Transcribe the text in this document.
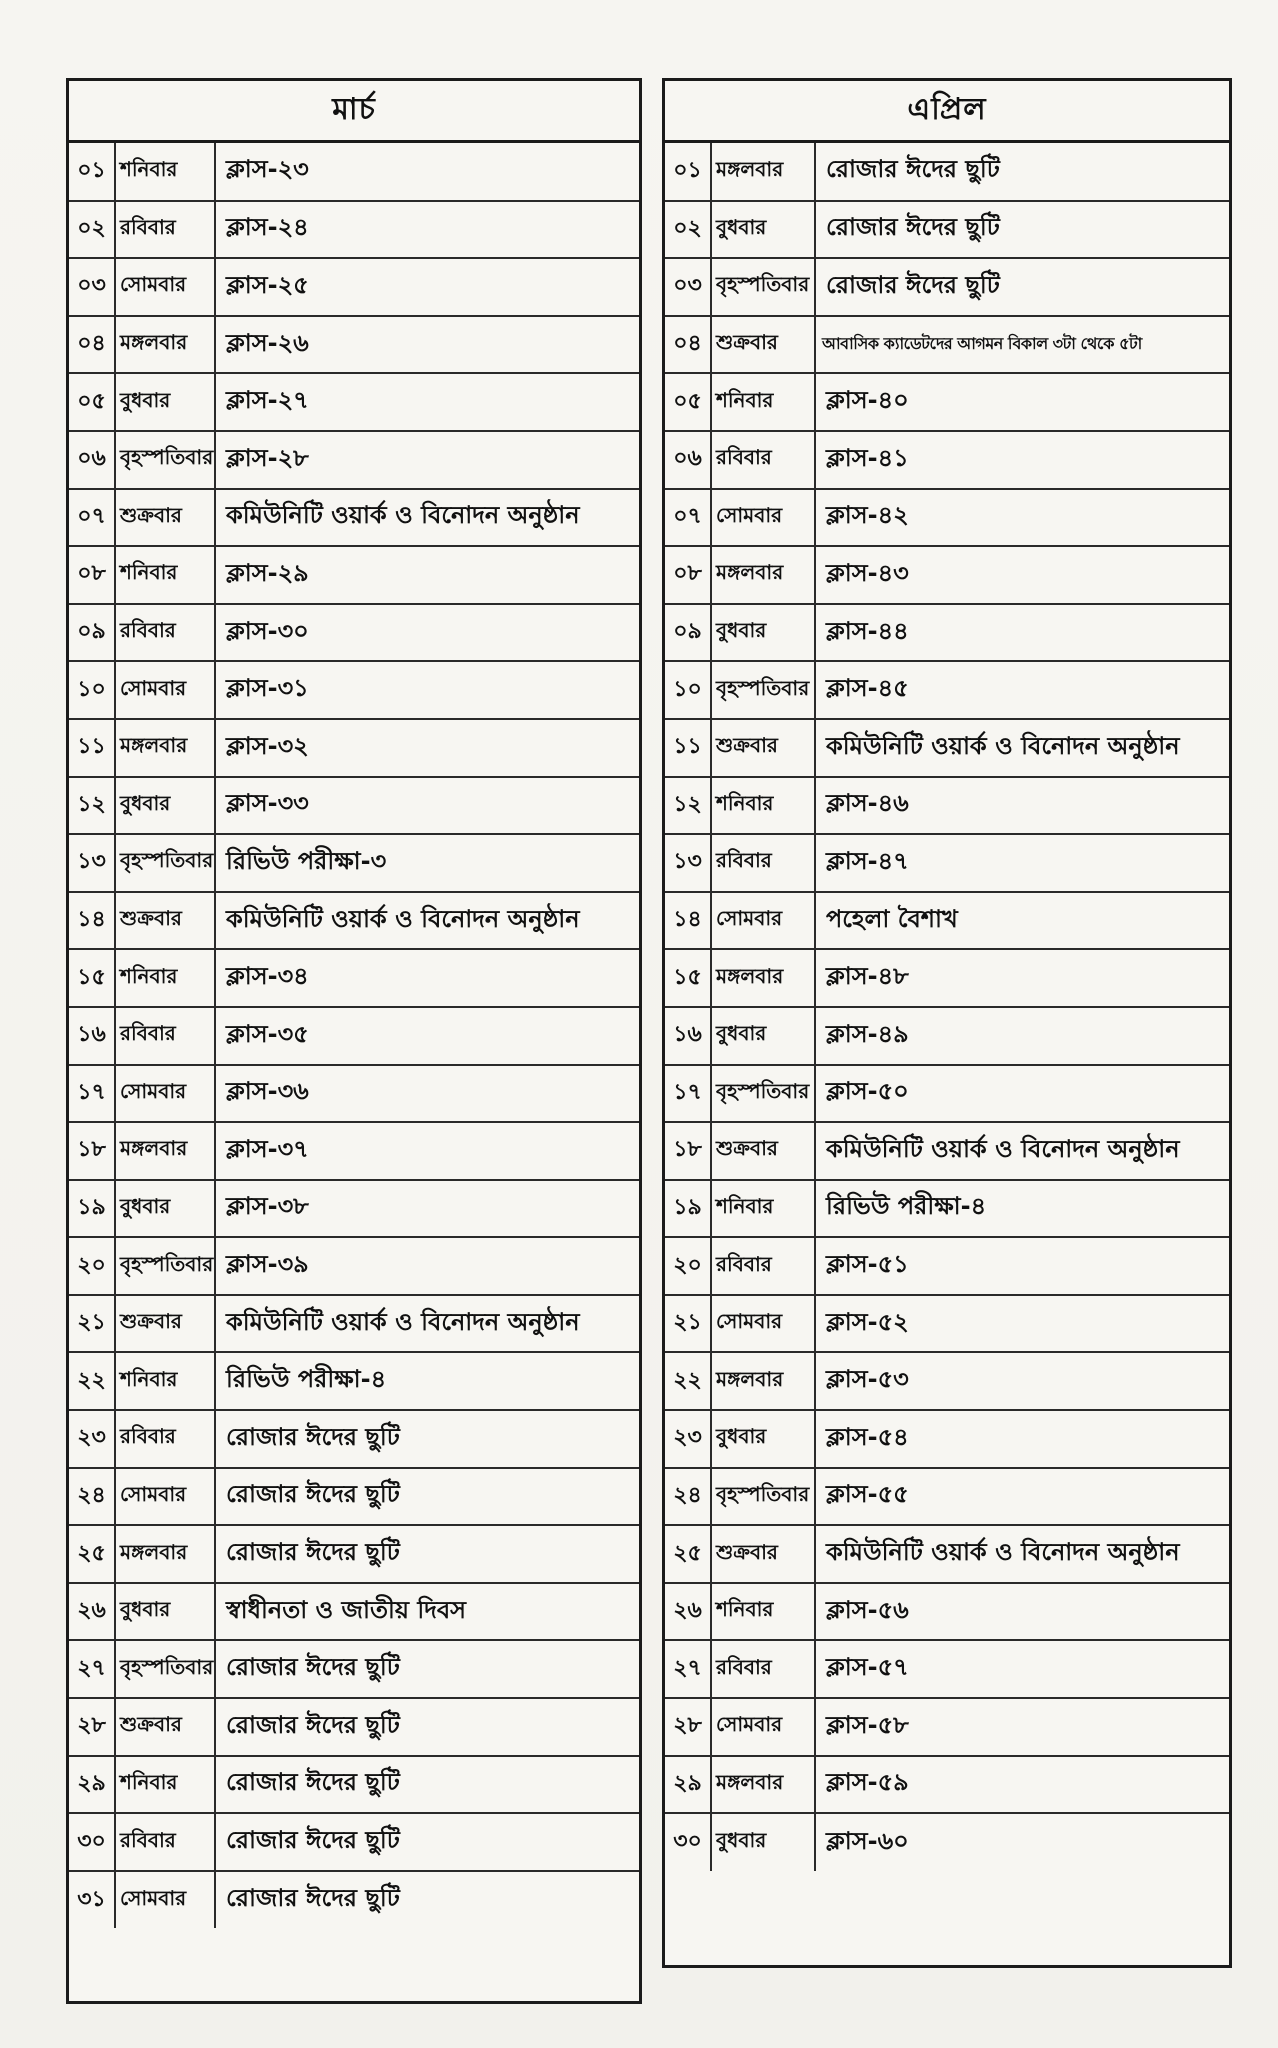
মার্চ
০১	শনিবার	ক্লাস-২৩
০২	রবিবার	ক্লাস-২৪
০৩	সোমবার	ক্লাস-২৫
০৪	মঙ্গলবার	ক্লাস-২৬
০৫	বুধবার	ক্লাস-২৭
০৬	বৃহস্পতিবার	ক্লাস-২৮
০৭	শুক্রবার	কমিউনিটি ওয়ার্ক ও বিনোদন অনুষ্ঠান
০৮	শনিবার	ক্লাস-২৯
০৯	রবিবার	ক্লাস-৩০
১০	সোমবার	ক্লাস-৩১
১১	মঙ্গলবার	ক্লাস-৩২
১২	বুধবার	ক্লাস-৩৩
১৩	বৃহস্পতিবার	রিভিউ পরীক্ষা-৩
১৪	শুক্রবার	কমিউনিটি ওয়ার্ক ও বিনোদন অনুষ্ঠান
১৫	শনিবার	ক্লাস-৩৪
১৬	রবিবার	ক্লাস-৩৫
১৭	সোমবার	ক্লাস-৩৬
১৮	মঙ্গলবার	ক্লাস-৩৭
১৯	বুধবার	ক্লাস-৩৮
২০	বৃহস্পতিবার	ক্লাস-৩৯
২১	শুক্রবার	কমিউনিটি ওয়ার্ক ও বিনোদন অনুষ্ঠান
২২	শনিবার	রিভিউ পরীক্ষা-৪
২৩	রবিবার	রোজার ঈদের ছুটি
২৪	সোমবার	রোজার ঈদের ছুটি
২৫	মঙ্গলবার	রোজার ঈদের ছুটি
২৬	বুধবার	স্বাধীনতা ও জাতীয় দিবস
২৭	বৃহস্পতিবার	রোজার ঈদের ছুটি
২৮	শুক্রবার	রোজার ঈদের ছুটি
২৯	শনিবার	রোজার ঈদের ছুটি
৩০	রবিবার	রোজার ঈদের ছুটি
৩১	সোমবার	রোজার ঈদের ছুটি
এপ্রিল
০১	মঙ্গলবার	রোজার ঈদের ছুটি
০২	বুধবার	রোজার ঈদের ছুটি
০৩	বৃহস্পতিবার	রোজার ঈদের ছুটি
০৪	শুক্রবার	আবাসিক ক্যাডেটদের আগমন বিকাল ৩টা থেকে ৫টা
০৫	শনিবার	ক্লাস-৪০
০৬	রবিবার	ক্লাস-৪১
০৭	সোমবার	ক্লাস-৪২
০৮	মঙ্গলবার	ক্লাস-৪৩
০৯	বুধবার	ক্লাস-৪৪
১০	বৃহস্পতিবার	ক্লাস-৪৫
১১	শুক্রবার	কমিউনিটি ওয়ার্ক ও বিনোদন অনুষ্ঠান
১২	শনিবার	ক্লাস-৪৬
১৩	রবিবার	ক্লাস-৪৭
১৪	সোমবার	পহেলা বৈশাখ
১৫	মঙ্গলবার	ক্লাস-৪৮
১৬	বুধবার	ক্লাস-৪৯
১৭	বৃহস্পতিবার	ক্লাস-৫০
১৮	শুক্রবার	কমিউনিটি ওয়ার্ক ও বিনোদন অনুষ্ঠান
১৯	শনিবার	রিভিউ পরীক্ষা-৪
২০	রবিবার	ক্লাস-৫১
২১	সোমবার	ক্লাস-৫২
২২	মঙ্গলবার	ক্লাস-৫৩
২৩	বুধবার	ক্লাস-৫৪
২৪	বৃহস্পতিবার	ক্লাস-৫৫
২৫	শুক্রবার	কমিউনিটি ওয়ার্ক ও বিনোদন অনুষ্ঠান
২৬	শনিবার	ক্লাস-৫৬
২৭	রবিবার	ক্লাস-৫৭
২৮	সোমবার	ক্লাস-৫৮
২৯	মঙ্গলবার	ক্লাস-৫৯
৩০	বুধবার	ক্লাস-৬০
